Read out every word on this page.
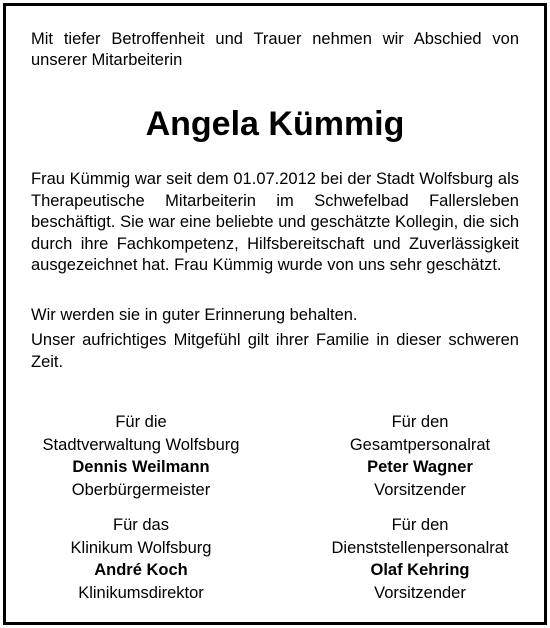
Mit tiefer Betroffenheit und Trauer nehmen wir Abschied von unserer Mitarbeiterin
Angela Kümmig

Frau Kümmig war seit dem 01.07.2012 bei der Stadt Wolfsburg als Therapeutische Mitarbeiterin im Schwefelbad Fallersleben beschäftigt. Sie war eine beliebte und geschätzte Kollegin, die sich durch ihre Fachkompetenz, Hilfsbereitschaft und Zuverlässigkeit ausgezeichnet hat. Frau Kümmig wurde von uns sehr geschätzt.

Wir werden sie in guter Erinnerung behalten.

Unser aufrichtiges Mitgefühl gilt ihrer Familie in dieser schweren Zeit.

Für die
Stadtverwaltung Wolfsburg
Dennis Weilmann
Oberbürgermeister
Für den
Gesamtpersonalrat
Peter Wagner
Vorsitzender
Für das
Klinikum Wolfsburg
André Koch
Klinikumsdirektor
Für den
Dienststellenpersonalrat
Olaf Kehring
Vorsitzender
